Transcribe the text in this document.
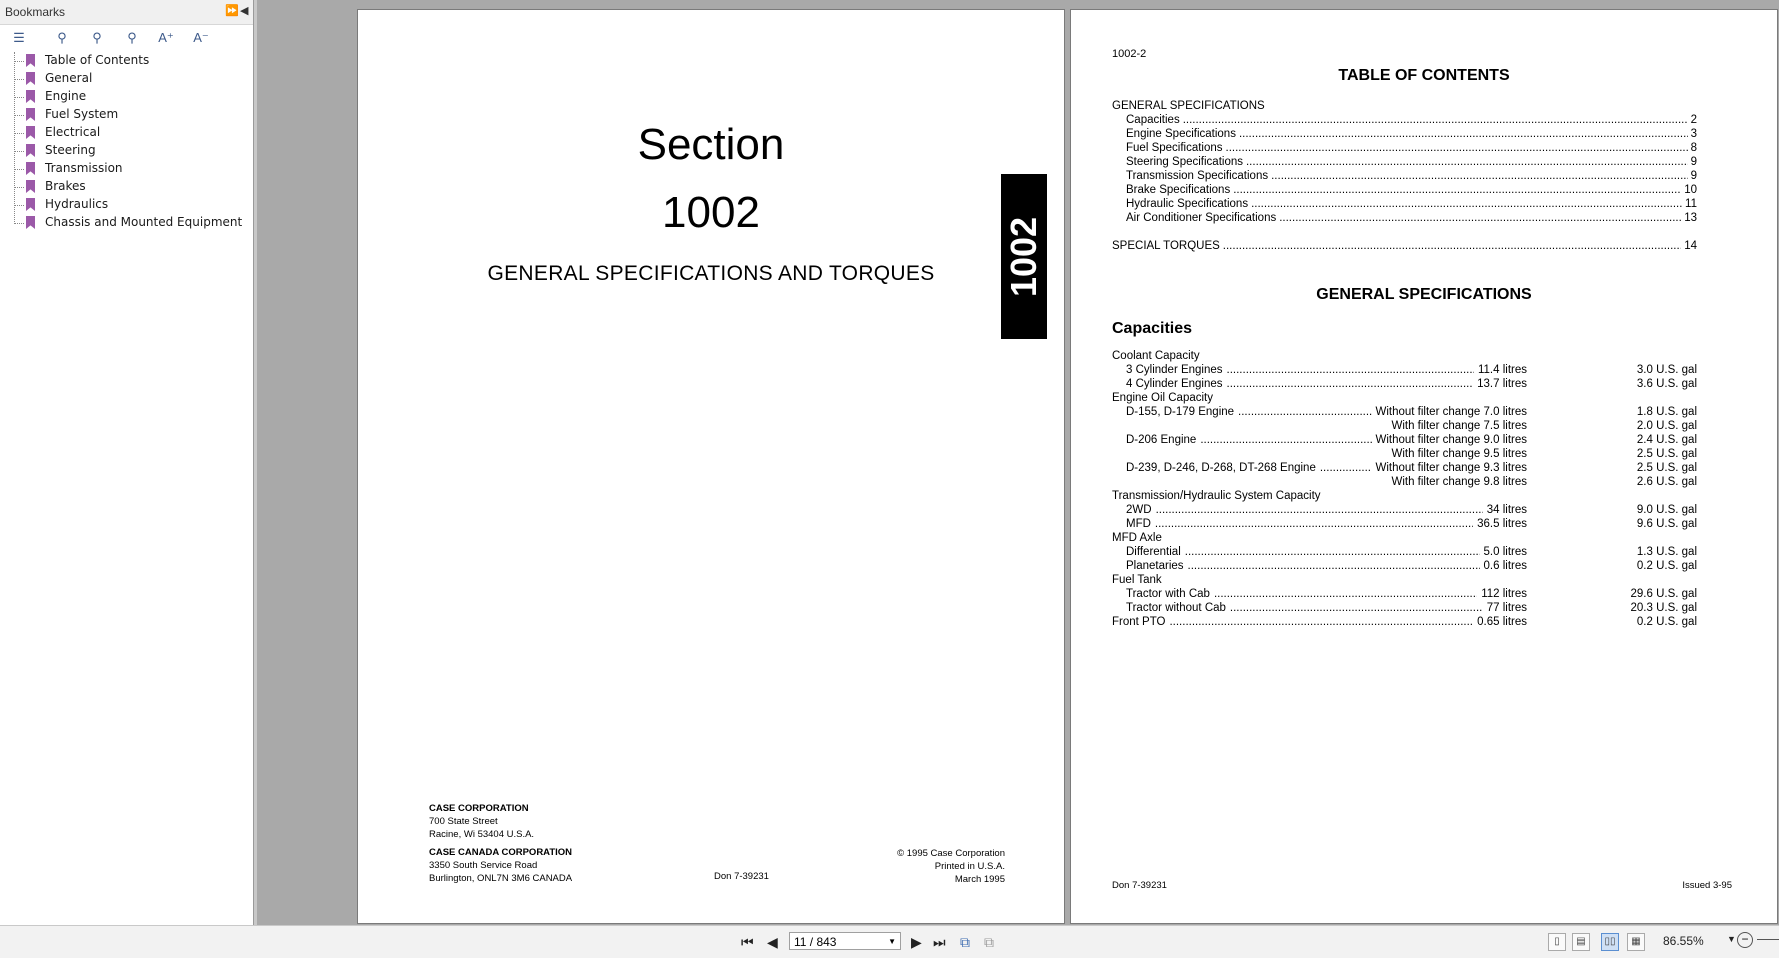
Bookmarks	⏩ ◀
☰	⚲	⚲	⚲	A⁺ A⁻
Table of Contents
General
Engine
Fuel System
Electrical
Steering
Transmission
Brakes
Hydraulics
Chassis and Mounted Equipment
Section
1002
GENERAL SPECIFICATIONS AND TORQUES	1002
CASE CORPORATION
700 State Street
Racine, Wi 53404 U.S.A.
CASE CANADA CORPORATION
3350 South Service Road
Burlington, ONL7N 3M6 CANADA	Don 7-39231
© 1995 Case Corporation
Printed in U.S.A.
March 1995
1002-2
TABLE OF CONTENTS
GENERAL SPECIFICATIONS
Capacities .....	2
Engine Specifications .....	3
Fuel Specifications .....	8
Steering Specifications .....	9
Transmission Specifications .....	9
Brake Specifications .....	10
Hydraulic Specifications .....	11
Air Conditioner Specifications .....	13
SPECIAL TORQUES .....	14
GENERAL SPECIFICATIONS
Capacities
Coolant Capacity
3 Cylinder Engines .....	11.4 litres	3.0 U.S. gal
4 Cylinder Engines .....	13.7 litres	3.6 U.S. gal
Engine Oil Capacity
D-155, D-179 Engine .....	Without filter change 7.0 litres	1.8 U.S. gal
With filter change 7.5 litres	2.0 U.S. gal
D-206 Engine .....	Without filter change 9.0 litres	2.4 U.S. gal
With filter change 9.5 litres	2.5 U.S. gal
D-239, D-246, D-268, DT-268 Engine .....	Without filter change 9.3 litres	2.5 U.S. gal
With filter change 9.8 litres	2.6 U.S. gal
Transmission/Hydraulic System Capacity
2WD .....	34 litres	9.0 U.S. gal
MFD .....	36.5 litres	9.6 U.S. gal
MFD Axle
Differential .....	5.0 litres	1.3 U.S. gal
Planetaries .....	0.6 litres	0.2 U.S. gal
Fuel Tank
Tractor with Cab .....	112 litres	29.6 U.S. gal
Tractor without Cab .....	77 litres	20.3 U.S. gal
Front PTO .....	0.65 litres	0.2 U.S. gal
Don 7-39231	Issued 3-95
⏮ ◀	11 / 843	▼ ▶ ⏭ ⧉ ⧉	▯	▤	▯▯	▦	86.55%	▼ −
